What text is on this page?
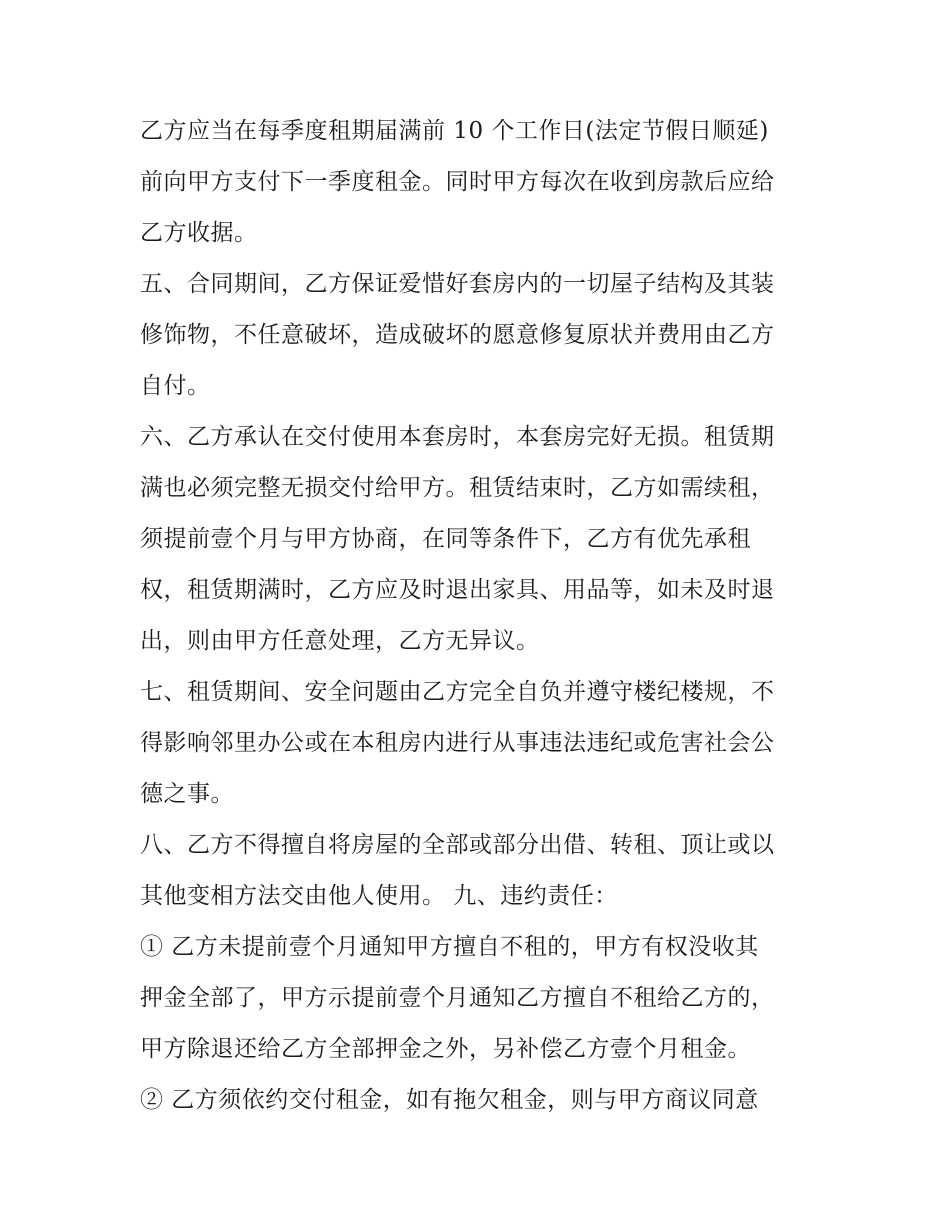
乙方应当在每季度租期届满前 10 个工作日(法定节假日顺延)
前向甲方支付下一季度租金。同时甲方每次在收到房款后应给
乙方收据。

五、合同期间，乙方保证爱惜好套房内的一切屋子结构及其装
修饰物，不任意破坏，造成破坏的愿意修复原状并费用由乙方
自付。

六、乙方承认在交付使用本套房时，本套房完好无损。租赁期
满也必须完整无损交付给甲方。租赁结束时，乙方如需续租，
须提前壹个月与甲方协商，在同等条件下，乙方有优先承租
权，租赁期满时，乙方应及时退出家具、用品等，如未及时退
出，则由甲方任意处理，乙方无异议。

七、租赁期间、安全问题由乙方完全自负并遵守楼纪楼规，不
得影响邻里办公或在本租房内进行从事违法违纪或危害社会公
德之事。

八、乙方不得擅自将房屋的全部或部分出借、转租、顶让或以
其他变相方法交由他人使用。 九、违约责任：

① 乙方未提前壹个月通知甲方擅自不租的，甲方有权没收其
押金全部了，甲方示提前壹个月通知乙方擅自不租给乙方的，
甲方除退还给乙方全部押金之外，另补偿乙方壹个月租金。

② 乙方须依约交付租金，如有拖欠租金，则与甲方商议同意
